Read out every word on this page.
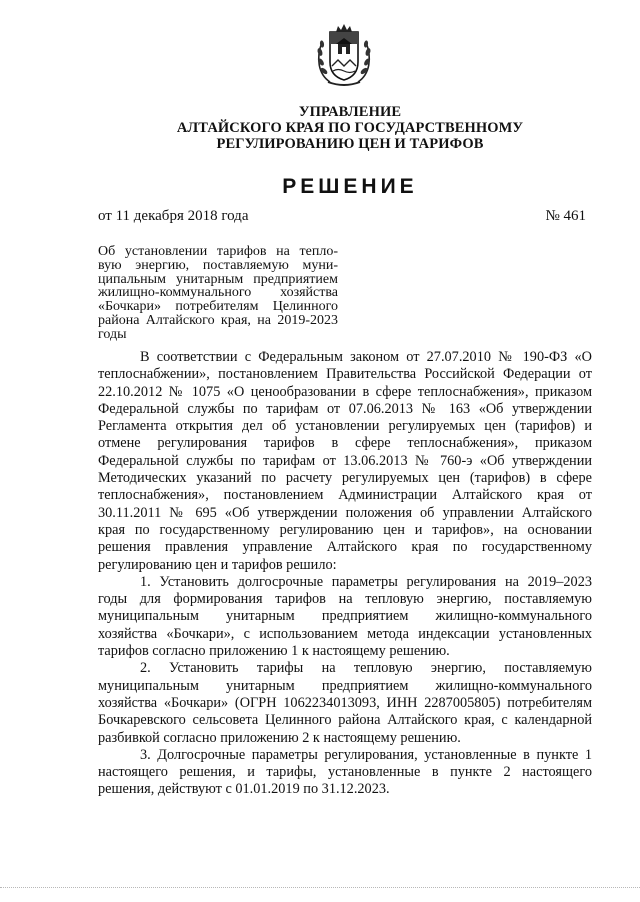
УПРАВЛЕНИЕ
АЛТАЙСКОГО КРАЯ ПО ГОСУДАРСТВЕННОМУ
РЕГУЛИРОВАНИЮ ЦЕН И ТАРИФОВ
РЕШЕНИЕ
от 11 декабря 2018 года	№ 461
Об установлении тарифов на тепло-
вую энергию, поставляемую муни-
ципальным унитарным предприятием
жилищно-коммунального хозяйства
«Бочкари» потребителям Целинного
района Алтайского края, на 2019-2023
годы
В соответствии с Федеральным законом от 27.07.2010 № 190-ФЗ «О
теплоснабжении», постановлением Правительства Российской Федерации от
22.10.2012 № 1075 «О ценообразовании в сфере теплоснабжения», приказом
Федеральной службы по тарифам от 07.06.2013 № 163 «Об утверждении
Регламента открытия дел об установлении регулируемых цен (тарифов) и
отмене регулирования тарифов в сфере теплоснабжения», приказом
Федеральной службы по тарифам от 13.06.2013 № 760-э «Об утверждении
Методических указаний по расчету регулируемых цен (тарифов) в сфере
теплоснабжения», постановлением Администрации Алтайского края от
30.11.2011 № 695 «Об утверждении положения об управлении Алтайского
края по государственному регулированию цен и тарифов», на основании
решения правления управление Алтайского края по государственному
регулированию цен и тарифов решило:
1. Установить долгосрочные параметры регулирования на 2019–2023
годы для формирования тарифов на тепловую энергию, поставляемую
муниципальным унитарным предприятием жилищно-коммунального
хозяйства «Бочкари», с использованием метода индексации установленных
тарифов согласно приложению 1 к настоящему решению.
2. Установить тарифы на тепловую энергию, поставляемую
муниципальным унитарным предприятием жилищно-коммунального
хозяйства «Бочкари» (ОГРН 1062234013093, ИНН 2287005805) потребителям
Бочкаревского сельсовета Целинного района Алтайского края, с календарной
разбивкой согласно приложению 2 к настоящему решению.
3. Долгосрочные параметры регулирования, установленные в пункте 1
настоящего решения, и тарифы, установленные в пункте 2 настоящего
решения, действуют с 01.01.2019 по 31.12.2023.
